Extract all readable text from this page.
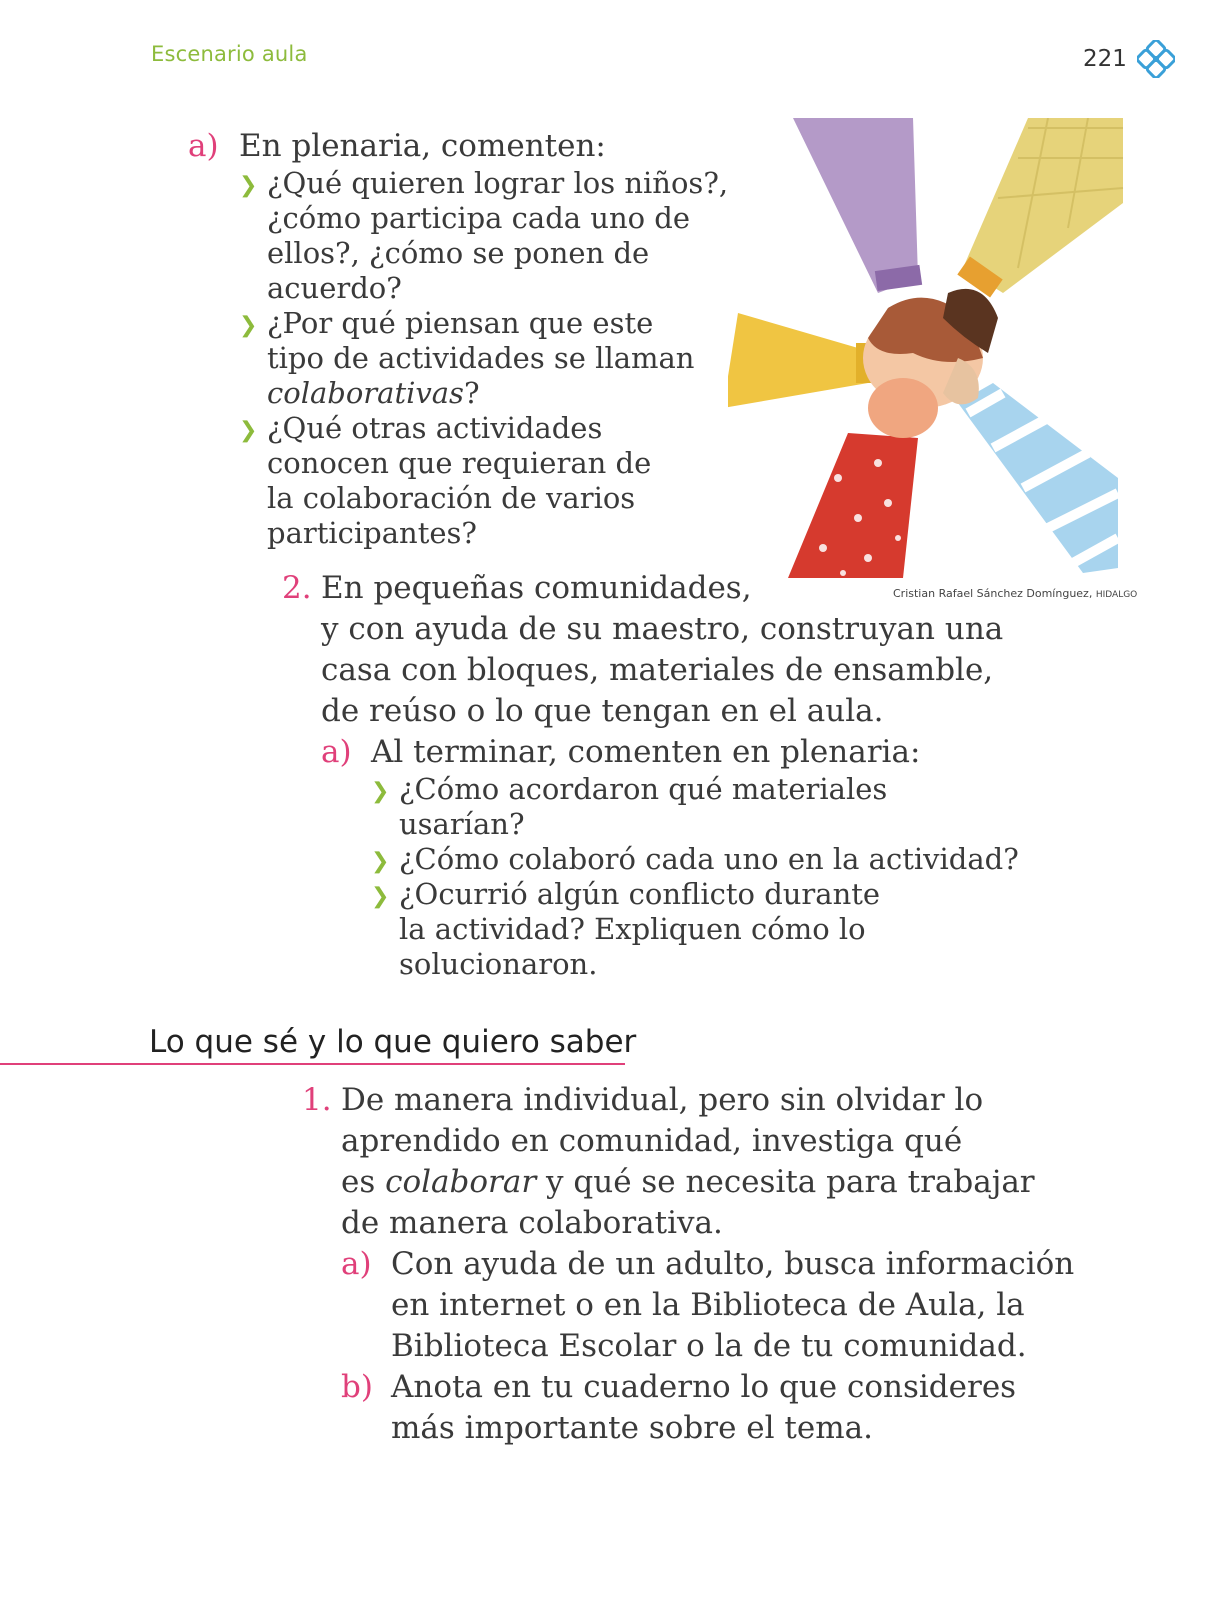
Escenario aula	221
a) En plenaria, comenten:
❯ ¿Qué quieren lograr los niños?,
¿cómo participa cada uno de
ellos?, ¿cómo se ponen de
acuerdo?
❯ ¿Por qué piensan que este
tipo de actividades se llaman
colaborativas?
❯ ¿Qué otras actividades
conocen que requieran de
la colaboración de varios
participantes?
Cristian Rafael Sánchez Domínguez, HIDALGO
2. En pequeñas comunidades,
y con ayuda de su maestro, construyan una
casa con bloques, materiales de ensamble,
de reúso o lo que tengan en el aula.
a) Al terminar, comenten en plenaria:
❯ ¿Cómo acordaron qué materiales
usarían?
❯ ¿Cómo colaboró cada uno en la actividad?
❯ ¿Ocurrió algún conflicto durante
la actividad? Expliquen cómo lo
solucionaron.
Lo que sé y lo que quiero saber
1. De manera individual, pero sin olvidar lo
aprendido en comunidad, investiga qué
es colaborar y qué se necesita para trabajar
de manera colaborativa.
a) Con ayuda de un adulto, busca información
en internet o en la Biblioteca de Aula, la
Biblioteca Escolar o la de tu comunidad.
b) Anota en tu cuaderno lo que consideres
más importante sobre el tema.
